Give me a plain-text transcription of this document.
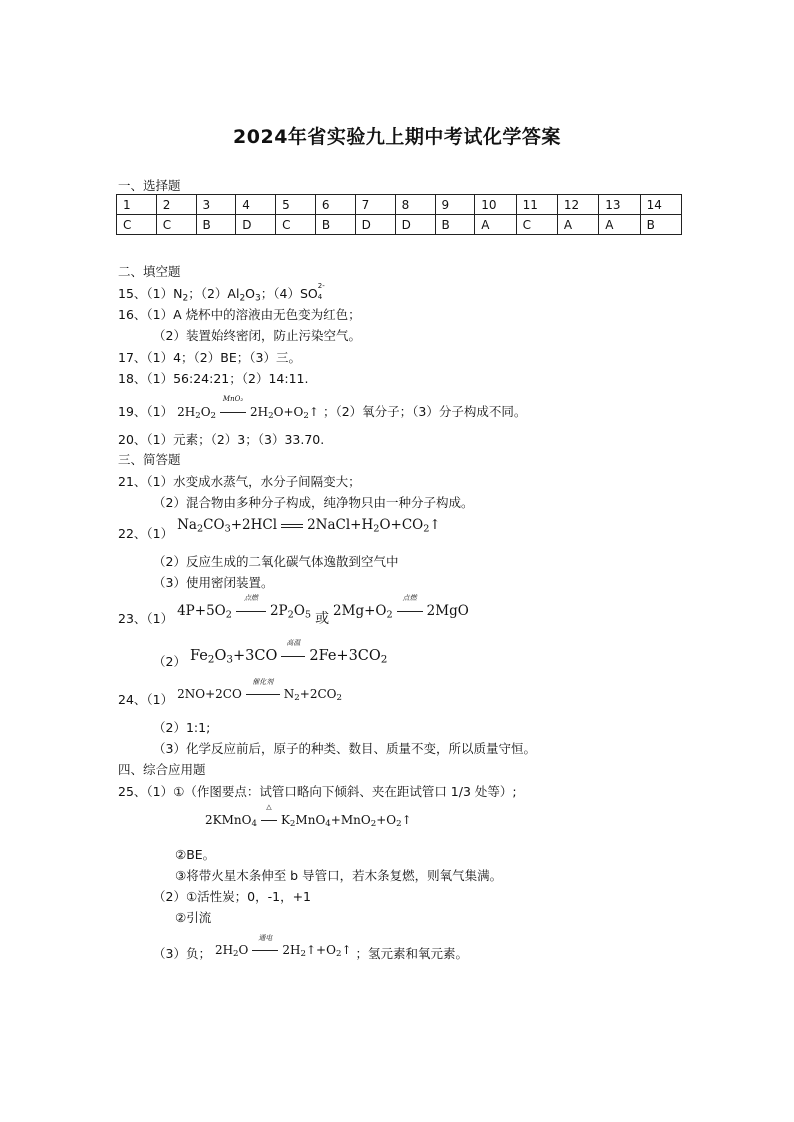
2024年省实验九上期中考试化学答案
一、选择题
1	2	3	4	5	6	7	8	9	10	11	12	13	14
C	C	B	D	C	B	D	D	B	A	C	A	A	B
二、填空题
15、$(1)N_2$；$(2)Al_2O_3$；（4）SO 2-
4
16、（1）A 烧杯中的溶液由无色变为红色；
（2）装置始终密闭，防止污染空气。
17、（1）4；（2）BE；（3）三。
18、（1）56:24:21；（2）14:11.
19、（1） $2H_2O_2$
MnO₂
$2H_2O+O_2↑$ ；（2）氧分子；（3）分子构成不同。
20、（1）元素；（2）3；（3）33.70.
三、简答题
21、（1）水变成水蒸气，水分子间隔变大；
（2）混合物由多种分子构成，纯净物只由一种分子构成。
22、（1） $Na_2CO_3+2HCl$ $2NaCl+H_2O+CO_2↑$
（2）反应生成的二氧化碳气体逸散到空气中
（3）使用密闭装置。
23、（1） $4P+5O_2$
点燃
$2P_2O_5$ 或 $2Mg+O_2$
点燃
2MgO
（2） $Fe_2O_3+3CO$
高温
$2Fe+3CO_2$
24、（1） 2NO+2CO
催化剂
$N_2+2CO_2$
（2）1:1;
（3）化学反应前后，原子的种类、数目、质量不变，所以质量守恒。
四、综合应用题
25、（1）①（作图要点：试管口略向下倾斜、夹在距试管口 1/3 处等）;
2KMnO$_4$
△
$K_2MnO_4+MnO_2+O_2↑$
②BE。
③将带火星木条伸至 b 导管口，若木条复燃，则氧气集满。
（2）①活性炭；0，-1，+1
②引流
（3）负； $2H_2O$
通电
$2H_2↑+O_2↑$ ；氢元素和氧元素。
